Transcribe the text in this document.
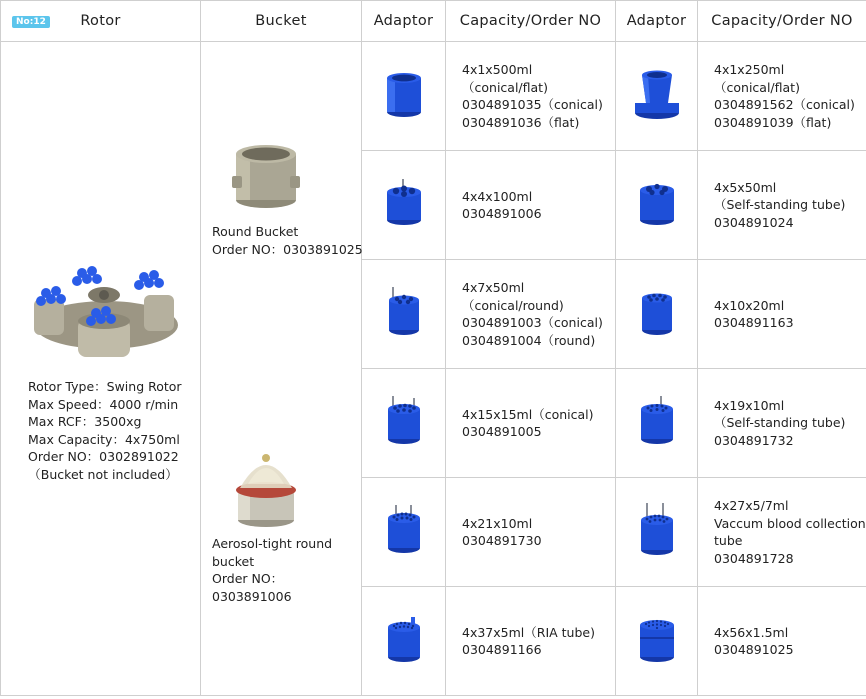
Rotor	Bucket	Adaptor	Capacity/Order NO	Adaptor	Capacity/Order NO

4x1x500ml（conical/flat)
0304891035（conical)
0304891036（flat)		4x1x250ml（conical/flat)
0304891562（conical)
0304891039（flat)

4x4x100ml
0304891006		4x5x50ml
（Self-standing tube)
0304891024

4x7x50ml（conical/round)
0304891003（conical)
0304891004（round)		4x10x20ml
0304891163

4x15x15ml（conical)
0304891005		4x19x10ml
（Self-standing tube)
0304891732

4x21x10ml
0304891730		4x27x5/7ml
Vaccum blood collection
tube
0304891728

4x37x5ml（RIA tube)
0304891166		4x56x1.5ml
0304891025
No:12
Rotor Type：Swing Rotor
Max Speed：4000 r/min
Max RCF：3500xg
Max Capacity：4x750ml
Order NO：0302891022
（Bucket not included）
Round Bucket
Order NO：0303891025
Aerosol-tight round bucket
Order NO：0303891006
